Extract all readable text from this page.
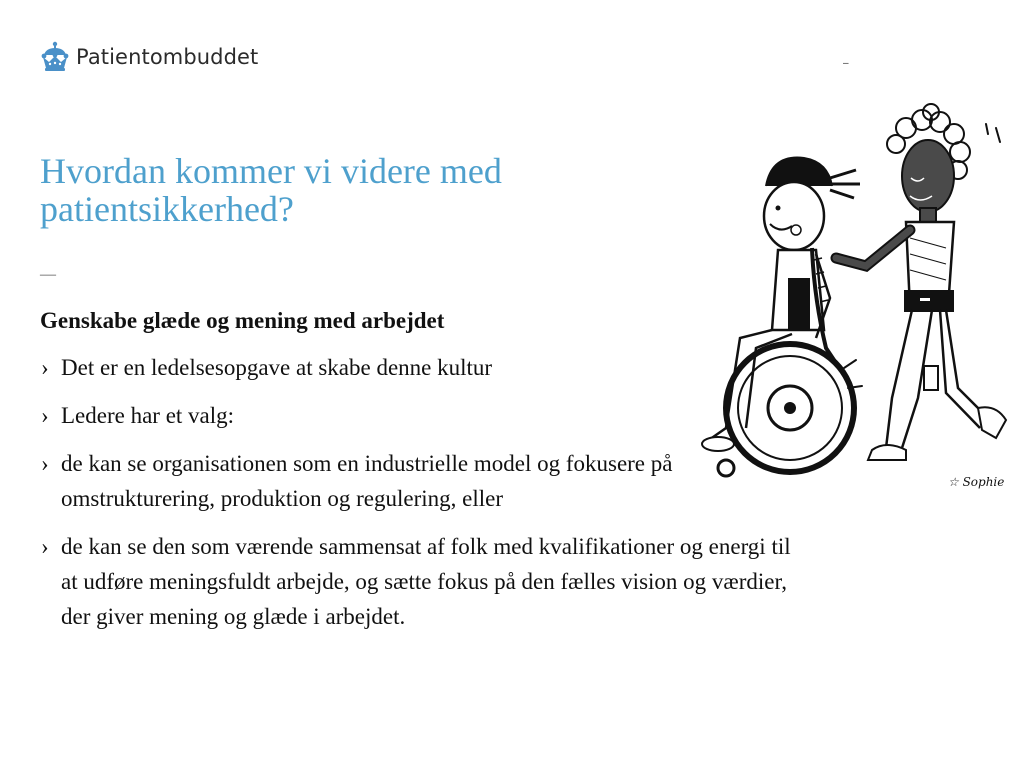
Patientombuddet	–
Hvordan kommer vi videre med patientsikkerhed?
—
Genskabe glæde og mening med arbejdet
› Det er en ledelsesopgave at skabe denne kultur
› Ledere har et valg:
› de kan se organisationen som en industrielle model og fokusere på omstrukturering, produktion og regulering, eller
› de kan se den som værende sammensat af folk med kvalifikationer og energi til at udføre meningsfuldt arbejde, og sætte fokus på den fælles vision og værdier, der giver mening og glæde i arbejdet.
☆ Sophie
